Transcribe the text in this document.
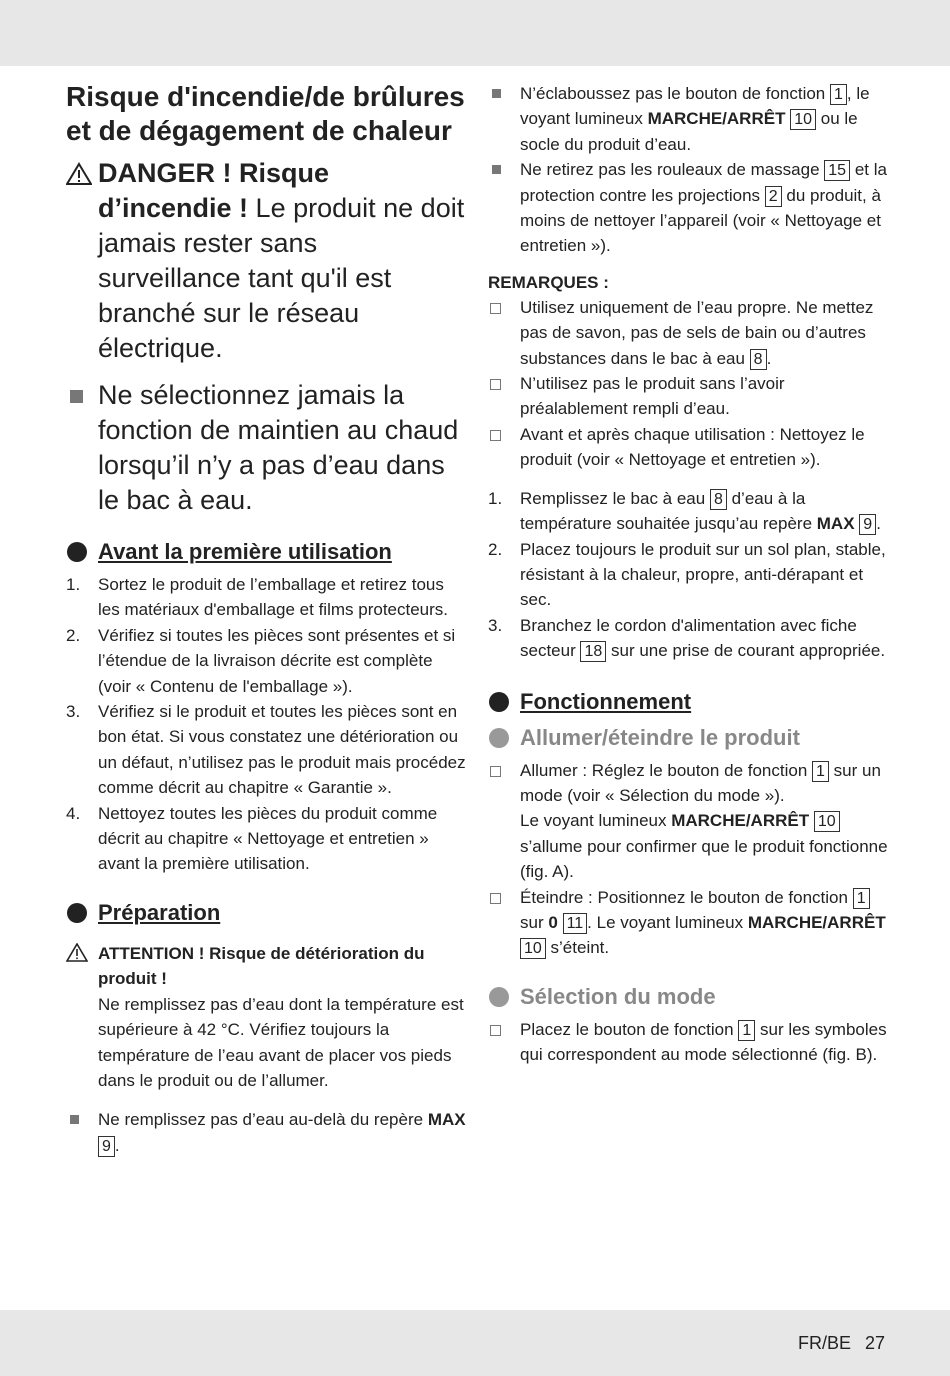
Risque d'incendie/de brûlures et de dégagement de chaleur
DANGER ! Risque d’incendie ! Le produit ne doit jamais rester sans surveillance tant qu'il est branché sur le réseau électrique.
Ne sélectionnez jamais la fonction de maintien au chaud lorsqu’il n’y a pas d’eau dans le bac à eau.
Avant la première utilisation
1. Sortez le produit de l’emballage et retirez tous les matériaux d'emballage et films protecteurs.
2. Vérifiez si toutes les pièces sont présentes et si l’étendue de la livraison décrite est complète (voir « Contenu de l'emballage »).
3. Vérifiez si le produit et toutes les pièces sont en bon état. Si vous constatez une détérioration ou un défaut, n’utilisez pas le produit mais procédez comme décrit au chapitre « Garantie ».
4. Nettoyez toutes les pièces du produit comme décrit au chapitre « Nettoyage et entretien » avant la première utilisation.
Préparation
ATTENTION ! Risque de détérioration du produit !
Ne remplissez pas d’eau dont la température est supérieure à 42 °C. Vérifiez toujours la température de l’eau avant de placer vos pieds dans le produit ou de l’allumer.
Ne remplissez pas d’eau au-delà du repère MAX 9 .
N’éclaboussez pas le bouton de fonction 1 , le voyant lumineux MARCHE/ARRÊT 10 ou le socle du produit d’eau.
Ne retirez pas les rouleaux de massage 15 et la protection contre les projections 2 du produit, à moins de nettoyer l’appareil (voir « Nettoyage et entretien »).
REMARQUES :
Utilisez uniquement de l’eau propre. Ne mettez pas de savon, pas de sels de bain ou d’autres substances dans le bac à eau 8 .
N’utilisez pas le produit sans l’avoir préalablement rempli d’eau.
Avant et après chaque utilisation : Nettoyez le produit (voir « Nettoyage et entretien »).
1. Remplissez le bac à eau 8 d’eau à la température souhaitée jusqu’au repère MAX 9 .
2. Placez toujours le produit sur un sol plan, stable, résistant à la chaleur, propre, anti-dérapant et sec.
3. Branchez le cordon d'alimentation avec fiche secteur 18 sur une prise de courant appropriée.
Fonctionnement
Allumer/éteindre le produit
Allumer : Réglez le bouton de fonction 1 sur un mode (voir « Sélection du mode »).
Le voyant lumineux MARCHE/ARRÊT 10 s’allume pour confirmer que le produit fonctionne (fig. A).
Éteindre : Positionnez le bouton de fonction 1 sur 0 11 . Le voyant lumineux MARCHE/ARRÊT 10 s’éteint.
Sélection du mode
Placez le bouton de fonction 1 sur les symboles qui correspondent au mode sélectionné (fig. B).
FR/BE 27
